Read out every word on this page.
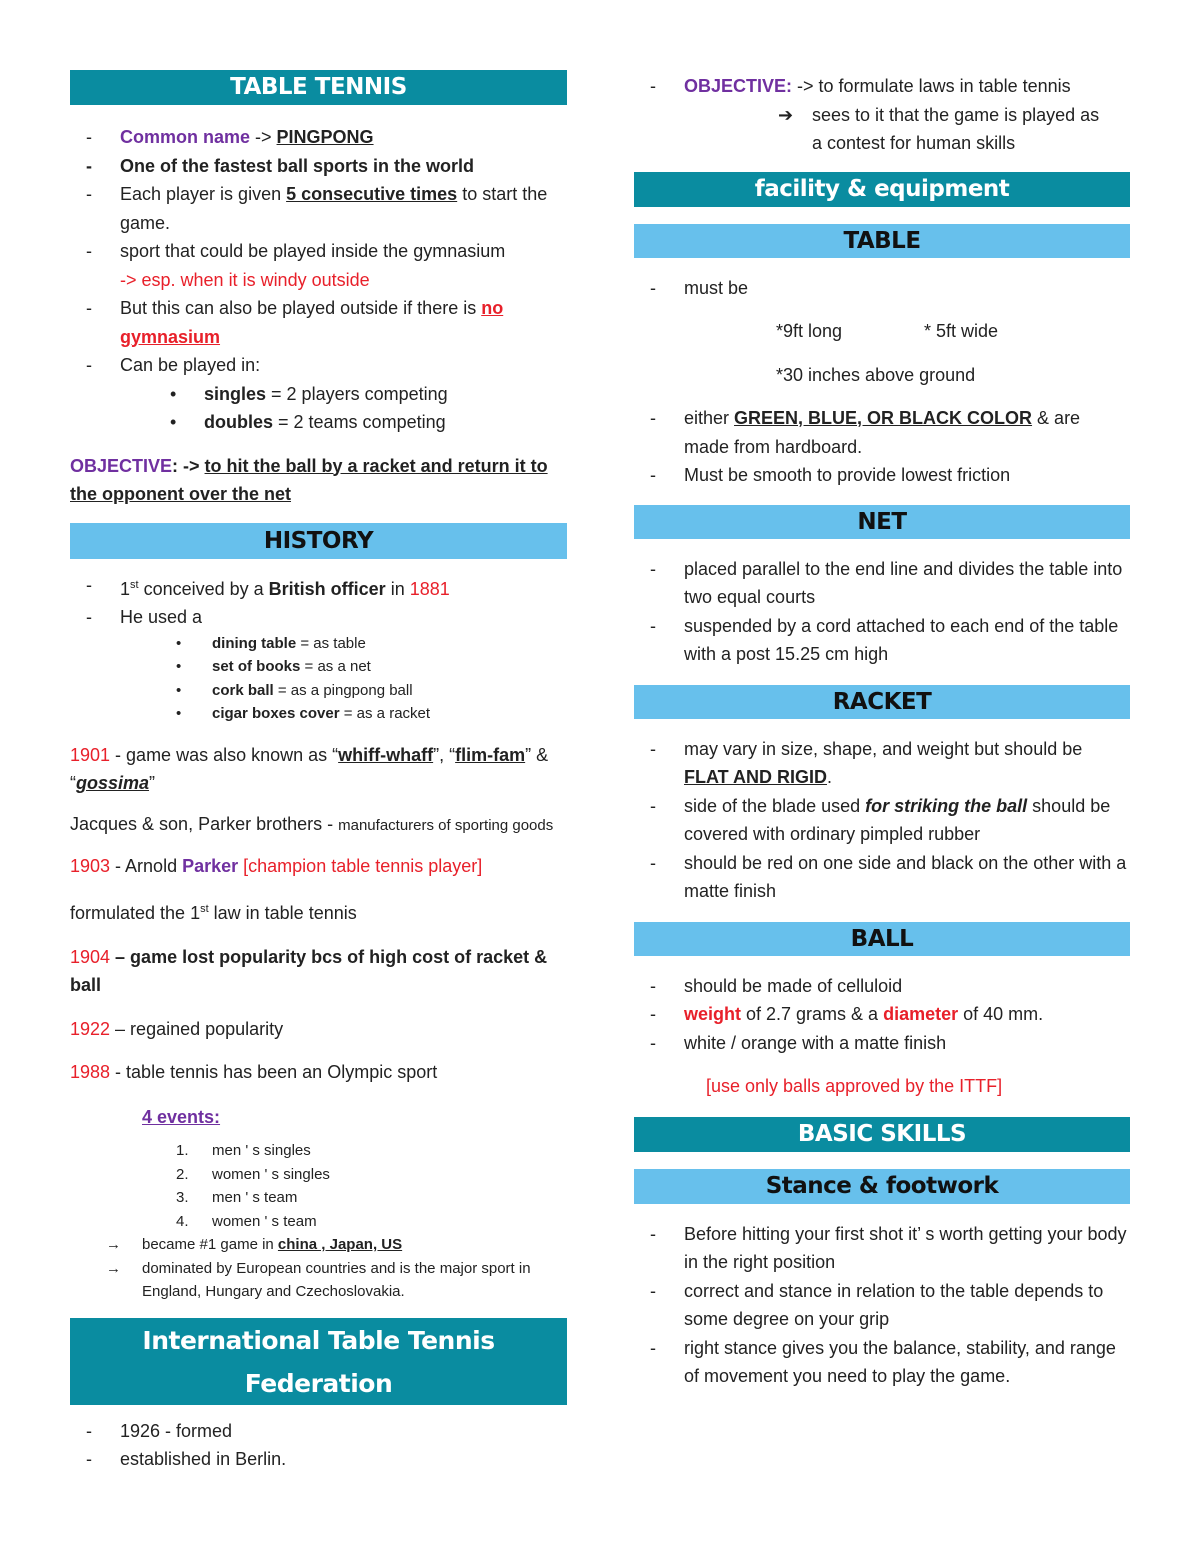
TABLE TENNIS
- Common name -> PINGPONG
- One of the fastest ball sports in the world
- Each player is given 5 consecutive times to start the game.
- sport that could be played inside the gymnasium
-> esp. when it is windy outside
- But this can also be played outside if there is no gymnasium
- Can be played in:
• singles = 2 players competing
• doubles = 2 teams competing
OBJECTIVE: -> to hit the ball by a racket and return it to the opponent over the net
HISTORY
- 1st conceived by a British officer in 1881
- He used a
• dining table = as table
• set of books = as a net
• cork ball = as a pingpong ball
• cigar boxes cover = as a racket
1901 - game was also known as “whiff-whaff”, “flim-fam” & “gossima”
Jacques & son, Parker brothers - manufacturers of sporting goods
1903 - Arnold Parker [champion table tennis player]
formulated the 1st law in table tennis
1904 – game lost popularity bcs of high cost of racket & ball
1922 – regained popularity
1988 - table tennis has been an Olympic sport
4 events:
1. men ' s singles
2. women ' s singles
3. men ' s team
4. women ' s team
→ became #1 game in china , Japan, US
→ dominated by European countries and is the major sport in England, Hungary and Czechoslovakia.
International Table Tennis Federation
(ITTF)
- 1926 - formed
- established in Berlin.
- OBJECTIVE: -> to formulate laws in table tennis
➔ sees to it that the game is played as
a contest for human skills
facility & equipment
TABLE
- must be
*9ft long	* 5ft wide
*30 inches above ground
- either GREEN, BLUE, OR BLACK COLOR & are made from hardboard.
- Must be smooth to provide lowest friction
NET
- placed parallel to the end line and divides the table into two equal courts
- suspended by a cord attached to each end of the table with a post 15.25 cm high
RACKET
- may vary in size, shape, and weight but should be FLAT AND RIGID.
- side of the blade used for striking the ball should be covered with ordinary pimpled rubber
- should be red on one side and black on the other with a matte finish
BALL
- should be made of celluloid
- weight of 2.7 grams & a diameter of 40 mm.
- white / orange with a matte finish
[use only balls approved by the ITTF]
BASIC SKILLS
Stance & footwork
- Before hitting your first shot it’ s worth getting your body in the right position
- correct and stance in relation to the table depends to some degree on your grip
- right stance gives you the balance, stability, and range of movement you need to play the game.
